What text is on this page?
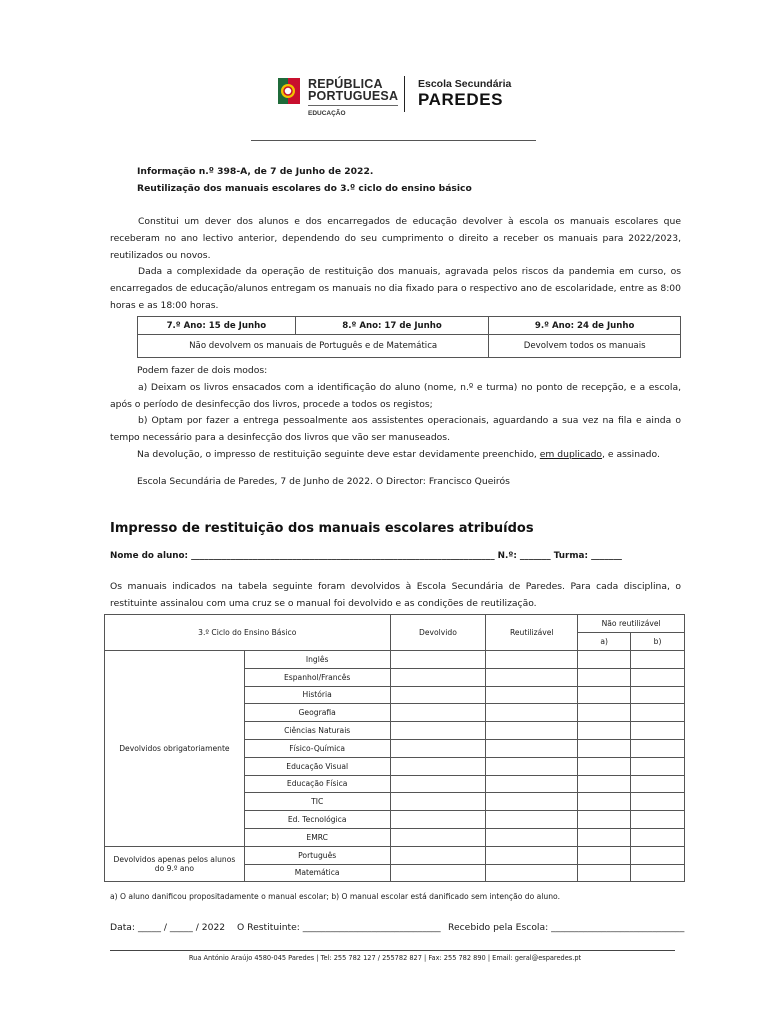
REPÚBLICA
PORTUGUESA
EDUCAÇÃO
Escola Secundária
PAREDES
Informação n.º 398-A, de 7 de Junho de 2022.
Reutilização dos manuais escolares do 3.º ciclo do ensino básico
Constitui um dever dos alunos e dos encarregados de educação devolver à escola os manuais escolares que receberam no ano lectivo anterior, dependendo do seu cumprimento o direito a receber os manuais para 2022/2023, reutilizados ou novos.
Dada a complexidade da operação de restituição dos manuais, agravada pelos riscos da pandemia em curso, os encarregados de educação/alunos entregam os manuais no dia fixado para o respectivo ano de escolaridade, entre as 8:00 horas e as 18:00 horas.
7.º Ano: 15 de Junho	8.º Ano: 17 de Junho	9.º Ano: 24 de Junho
Não devolvem os manuais de Português e de Matemática		Devolvem todos os manuais
Podem fazer de dois modos:
a) Deixam os livros ensacados com a identificação do aluno (nome, n.º e turma) no ponto de recepção, e a escola, após o período de desinfecção dos livros, procede a todos os registos;
b) Optam por fazer a entrega pessoalmente aos assistentes operacionais, aguardando a sua vez na fila e ainda o tempo necessário para a desinfecção dos livros que vão ser manuseados.
Na devolução, o impresso de restituição seguinte deve estar devidamente preenchido, em duplicado, e assinado.
Escola Secundária de Paredes, 7 de Junho de 2022. O Director: Francisco Queirós
Impresso de restituição dos manuais escolares atribuídos
Nome do aluno: _____________________________________________________________________ N.º: _______ Turma: _______
Os manuais indicados na tabela seguinte foram devolvidos à Escola Secundária de Paredes. Para cada disciplina, o restituinte assinalou com uma cruz se o manual foi devolvido e as condições de reutilização.
3.º Ciclo do Ensino Básico		Devolvido	Reutilizável	Não reutilizável	
				a)	b)
Devolvidos obrigatoriamente	Inglês				
	Espanhol/Francês				
	História				
	Geografia				
	Ciências Naturais				
	Físico-Química				
	Educação Visual				
	Educação Física				
	TIC				
	Ed. Tecnológica				
	EMRC				
Devolvidos apenas pelos alunos do 9.º ano	Português				
	Matemática				
a) O aluno danificou propositadamente o manual escolar; b) O manual escolar está danificado sem intenção do aluno.
Data: _____ / _____ / 2022 O Restituinte: ______________________________ Recebido pela Escola: _____________________________
Rua António Araújo 4580-045 Paredes | Tel: 255 782 127 / 255782 827 | Fax: 255 782 890 | Email: geral@esparedes.pt
